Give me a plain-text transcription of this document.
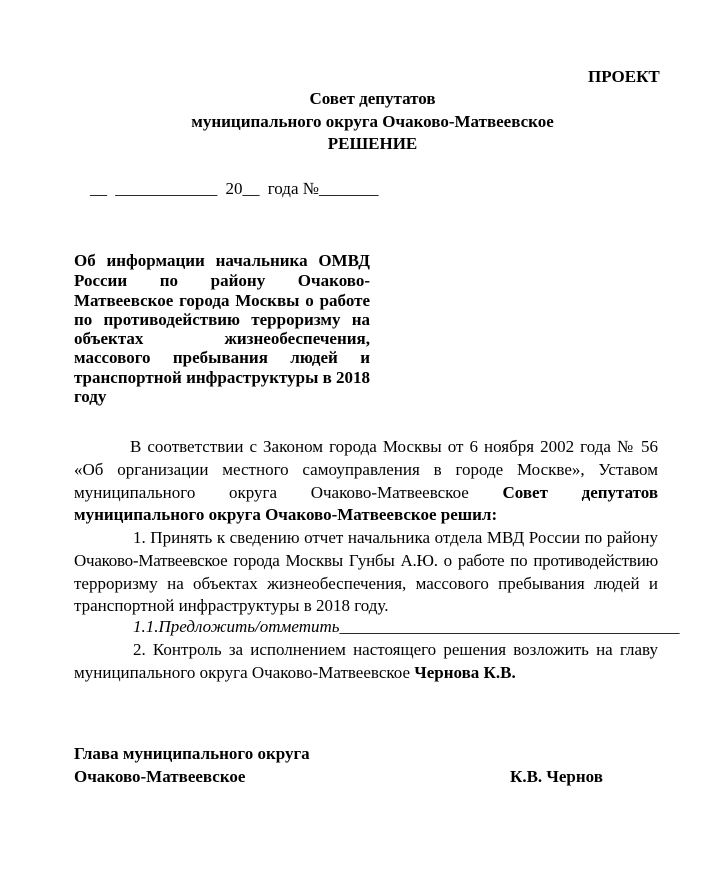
ПРОЕКТ
Совет депутатов
муниципального округа Очаково-Матвеевское
РЕШЕНИЕ
__ ____________ 20__ года №_______
Об информации начальника ОМВД
России по району Очаково-
Матвеевское города Москвы о работе
по противодействию терроризму на
объектах жизнеобеспечения,
массового пребывания людей и
транспортной инфраструктуры в 2018
году
В соответствии с Законом города Москвы от 6 ноября 2002 года № 56
«Об организации местного самоуправления в городе Москве», Уставом
муниципального округа Очаково-Матвеевское Совет депутатов
муниципального округа Очаково-Матвеевское решил:
1. Принять к сведению отчет начальника отдела МВД России по району
Очаково-Матвеевское города Москвы Гунбы А.Ю. о работе по противодействию
терроризму на объектах жизнеобеспечения, массового пребывания людей и
транспортной инфраструктуры в 2018 году.
1.1.Предложить/отметить________________________________________
2. Контроль за исполнением настоящего решения возложить на главу
муниципального округа Очаково-Матвеевское Чернова К.В.
Глава муниципального округа
Очаково-Матвеевское	К.В. Чернов
